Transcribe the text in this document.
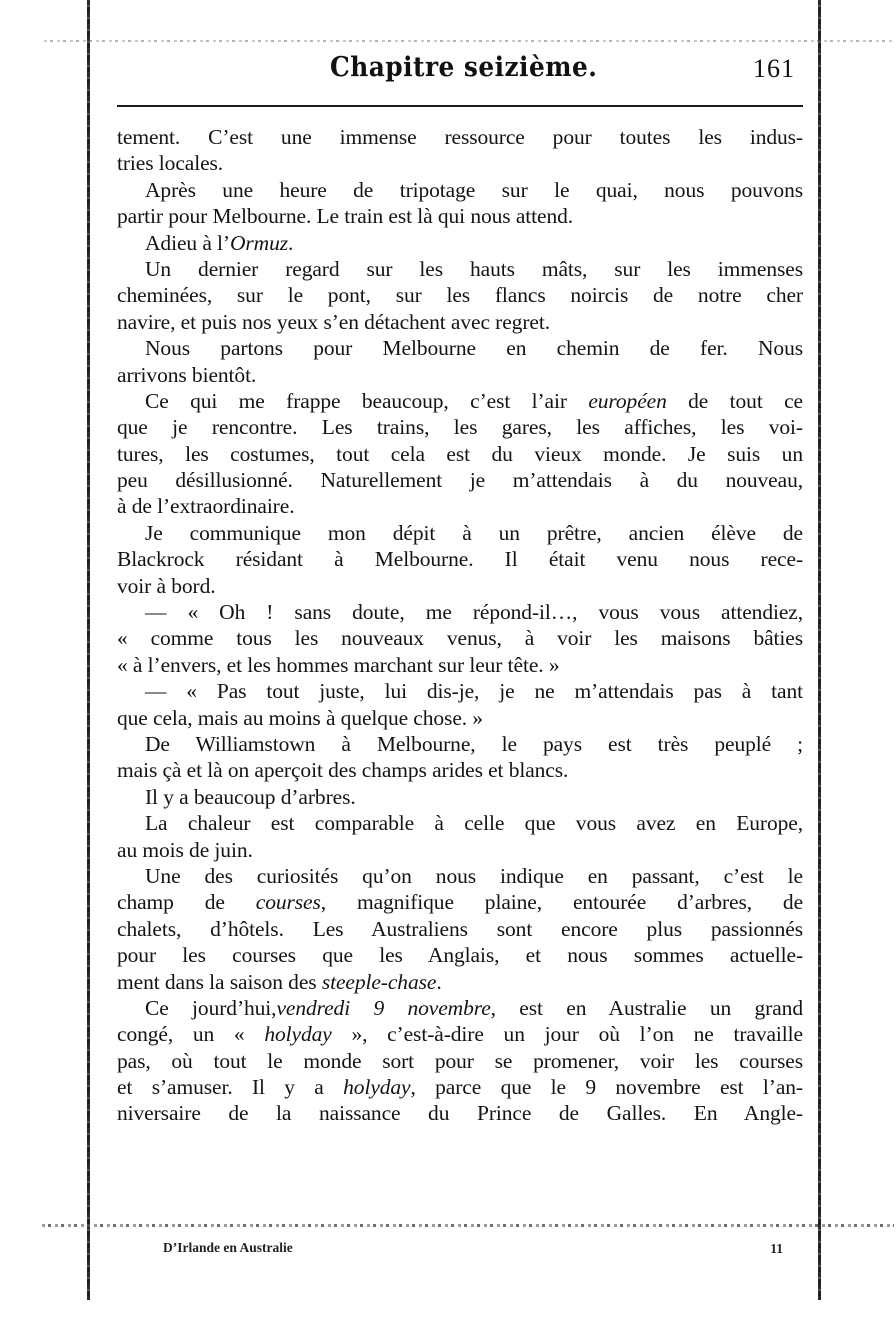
Chapitre seizième.	161
tement. C’est une immense ressource pour toutes les indus-
tries locales.
Après une heure de tripotage sur le quai, nous pouvons
partir pour Melbourne. Le train est là qui nous attend.
Adieu à l’Ormuz.
Un dernier regard sur les hauts mâts, sur les immenses
cheminées, sur le pont, sur les flancs noircis de notre cher
navire, et puis nos yeux s’en détachent avec regret.
Nous partons pour Melbourne en chemin de fer. Nous
arrivons bientôt.
Ce qui me frappe beaucoup, c’est l’air européen de tout ce
que je rencontre. Les trains, les gares, les affiches, les voi-
tures, les costumes, tout cela est du vieux monde. Je suis un
peu désillusionné. Naturellement je m’attendais à du nouveau,
à de l’extraordinaire.
Je communique mon dépit à un prêtre, ancien élève de
Blackrock résidant à Melbourne. Il était venu nous rece-
voir à bord.
— « Oh ! sans doute, me répond-il…, vous vous attendiez,
« comme tous les nouveaux venus, à voir les maisons bâties
« à l’envers, et les hommes marchant sur leur tête. »
— « Pas tout juste, lui dis-je, je ne m’attendais pas à tant
que cela, mais au moins à quelque chose. »
De Williamstown à Melbourne, le pays est très peuplé ;
mais çà et là on aperçoit des champs arides et blancs.
Il y a beaucoup d’arbres.
La chaleur est comparable à celle que vous avez en Europe,
au mois de juin.
Une des curiosités qu’on nous indique en passant, c’est le
champ de courses, magnifique plaine, entourée d’arbres, de
chalets, d’hôtels. Les Australiens sont encore plus passionnés
pour les courses que les Anglais, et nous sommes actuelle-
ment dans la saison des steeple-chase.
Ce jourd’hui,vendredi 9 novembre, est en Australie un grand
congé, un « holyday », c’est-à-dire un jour où l’on ne travaille
pas, où tout le monde sort pour se promener, voir les courses
et s’amuser. Il y a holyday, parce que le 9 novembre est l’an-
niversaire de la naissance du Prince de Galles. En Angle-
D’Irlande en Australie	11
